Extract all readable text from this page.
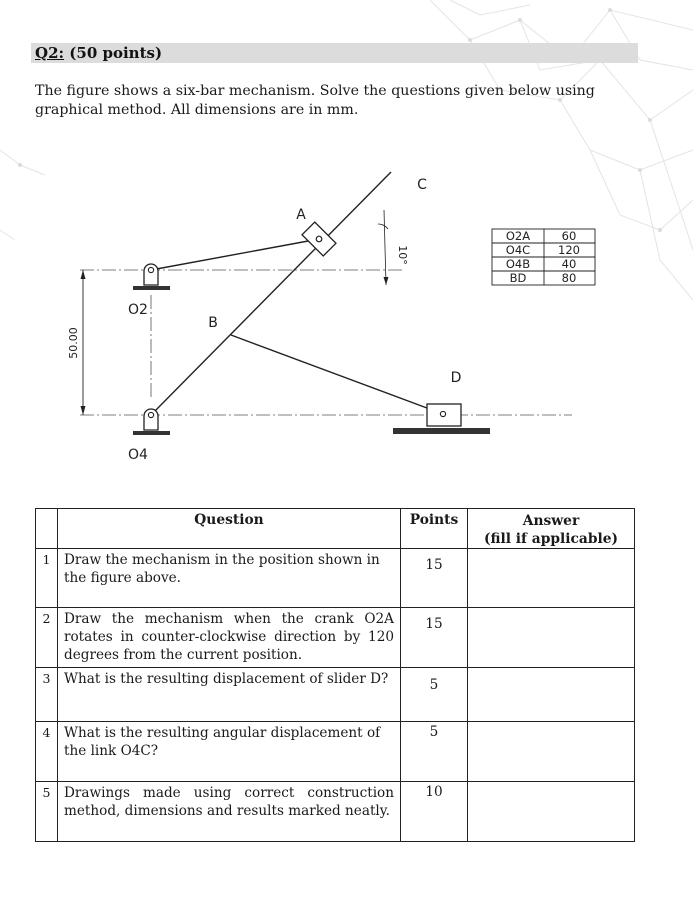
Q2: (50 points)
The figure shows a six-bar mechanism. Solve the questions given below using graphical method. All dimensions are in mm.
50.00
10°
A
B
C
D
O2
O4
O2A	60
O4C 120
O4B	40
BD	80
	Question	Points	Answer
(fill if applicable)

1	Draw the mechanism in the position shown in the figure above.	15	
2	Draw the mechanism when the crank O2A rotates in counter-clockwise direction by 120 degrees from the current position.	15	
3	What is the resulting displacement of slider D?	5	
4	What is the resulting angular displacement of the link O4C?	5	
5	Drawings made using correct construction method, dimensions and results marked neatly.	10	
